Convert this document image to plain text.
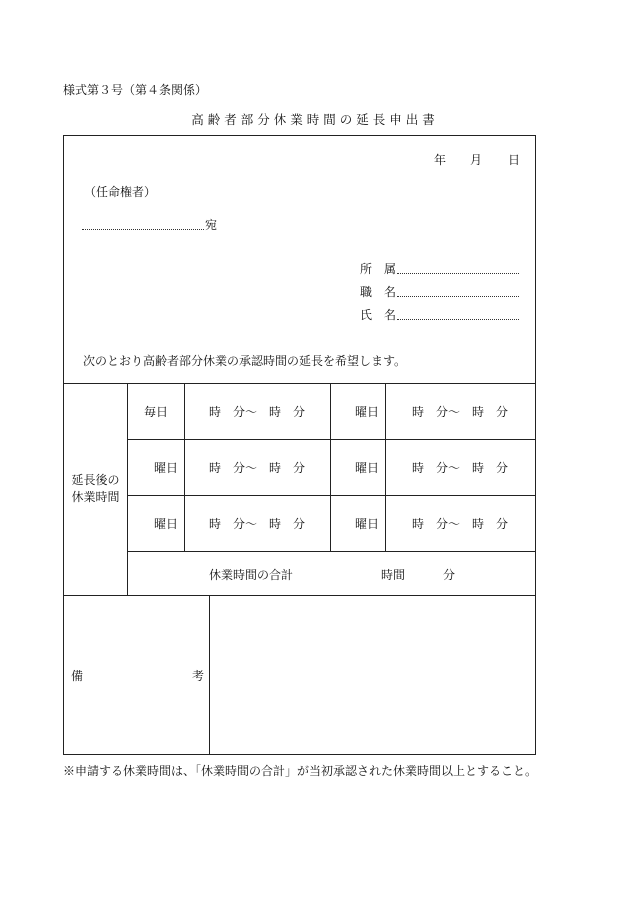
様式第３号（第４条関係）
高齢者部分休業時間の延長申出書
年 月 日
（任命権者）
宛
所　属
職　名
氏　名
次のとおり高齢者部分休業の承認時間の延長を希望します。
延長後の
休業時間
毎日	時 分～ 時 分	曜日	時 分～ 時 分
曜日	時 分～ 時 分	曜日	時 分～ 時 分
曜日	時 分～ 時 分	曜日	時 分～ 時 分
休業時間の合計	時間	分
備	考
※申請する休業時間は、「休業時間の合計」が当初承認された休業時間以上とすること。
